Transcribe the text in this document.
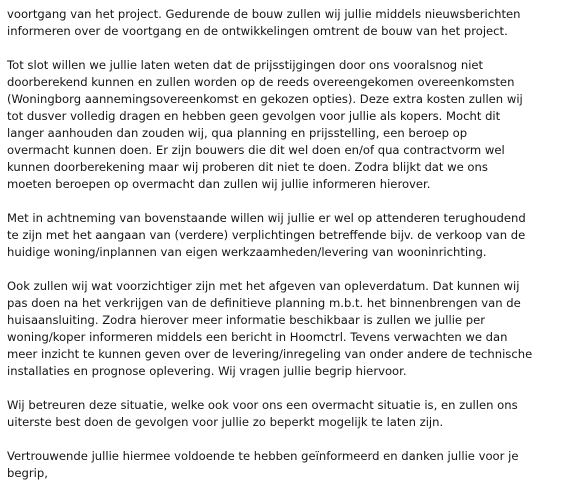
voortgang van het project. Gedurende de bouw zullen wij jullie middels nieuwsberichten
informeren over de voortgang en de ontwikkelingen omtrent de bouw van het project.

Tot slot willen we jullie laten weten dat de prijsstijgingen door ons vooralsnog niet
doorberekend kunnen en zullen worden op de reeds overeengekomen overeenkomsten
(Woningborg aannemingsovereenkomst en gekozen opties). Deze extra kosten zullen wij
tot dusver volledig dragen en hebben geen gevolgen voor jullie als kopers. Mocht dit
langer aanhouden dan zouden wij, qua planning en prijsstelling, een beroep op
overmacht kunnen doen. Er zijn bouwers die dit wel doen en/of qua contractvorm wel
kunnen doorberekening maar wij proberen dit niet te doen. Zodra blijkt dat we ons
moeten beroepen op overmacht dan zullen wij jullie informeren hierover.

Met in achtneming van bovenstaande willen wij jullie er wel op attenderen terughoudend
te zijn met het aangaan van (verdere) verplichtingen betreffende bijv. de verkoop van de
huidige woning/inplannen van eigen werkzaamheden/levering van wooninrichting.

Ook zullen wij wat voorzichtiger zijn met het afgeven van opleverdatum. Dat kunnen wij
pas doen na het verkrijgen van de definitieve planning m.b.t. het binnenbrengen van de
huisaansluiting. Zodra hierover meer informatie beschikbaar is zullen we jullie per
woning/koper informeren middels een bericht in Hoomctrl. Tevens verwachten we dan
meer inzicht te kunnen geven over de levering/inregeling van onder andere de technische
installaties en prognose oplevering. Wij vragen jullie begrip hiervoor.

Wij betreuren deze situatie, welke ook voor ons een overmacht situatie is, en zullen ons
uiterste best doen de gevolgen voor jullie zo beperkt mogelijk te laten zijn.

Vertrouwende jullie hiermee voldoende te hebben geïnformeerd en danken jullie voor je
begrip,
